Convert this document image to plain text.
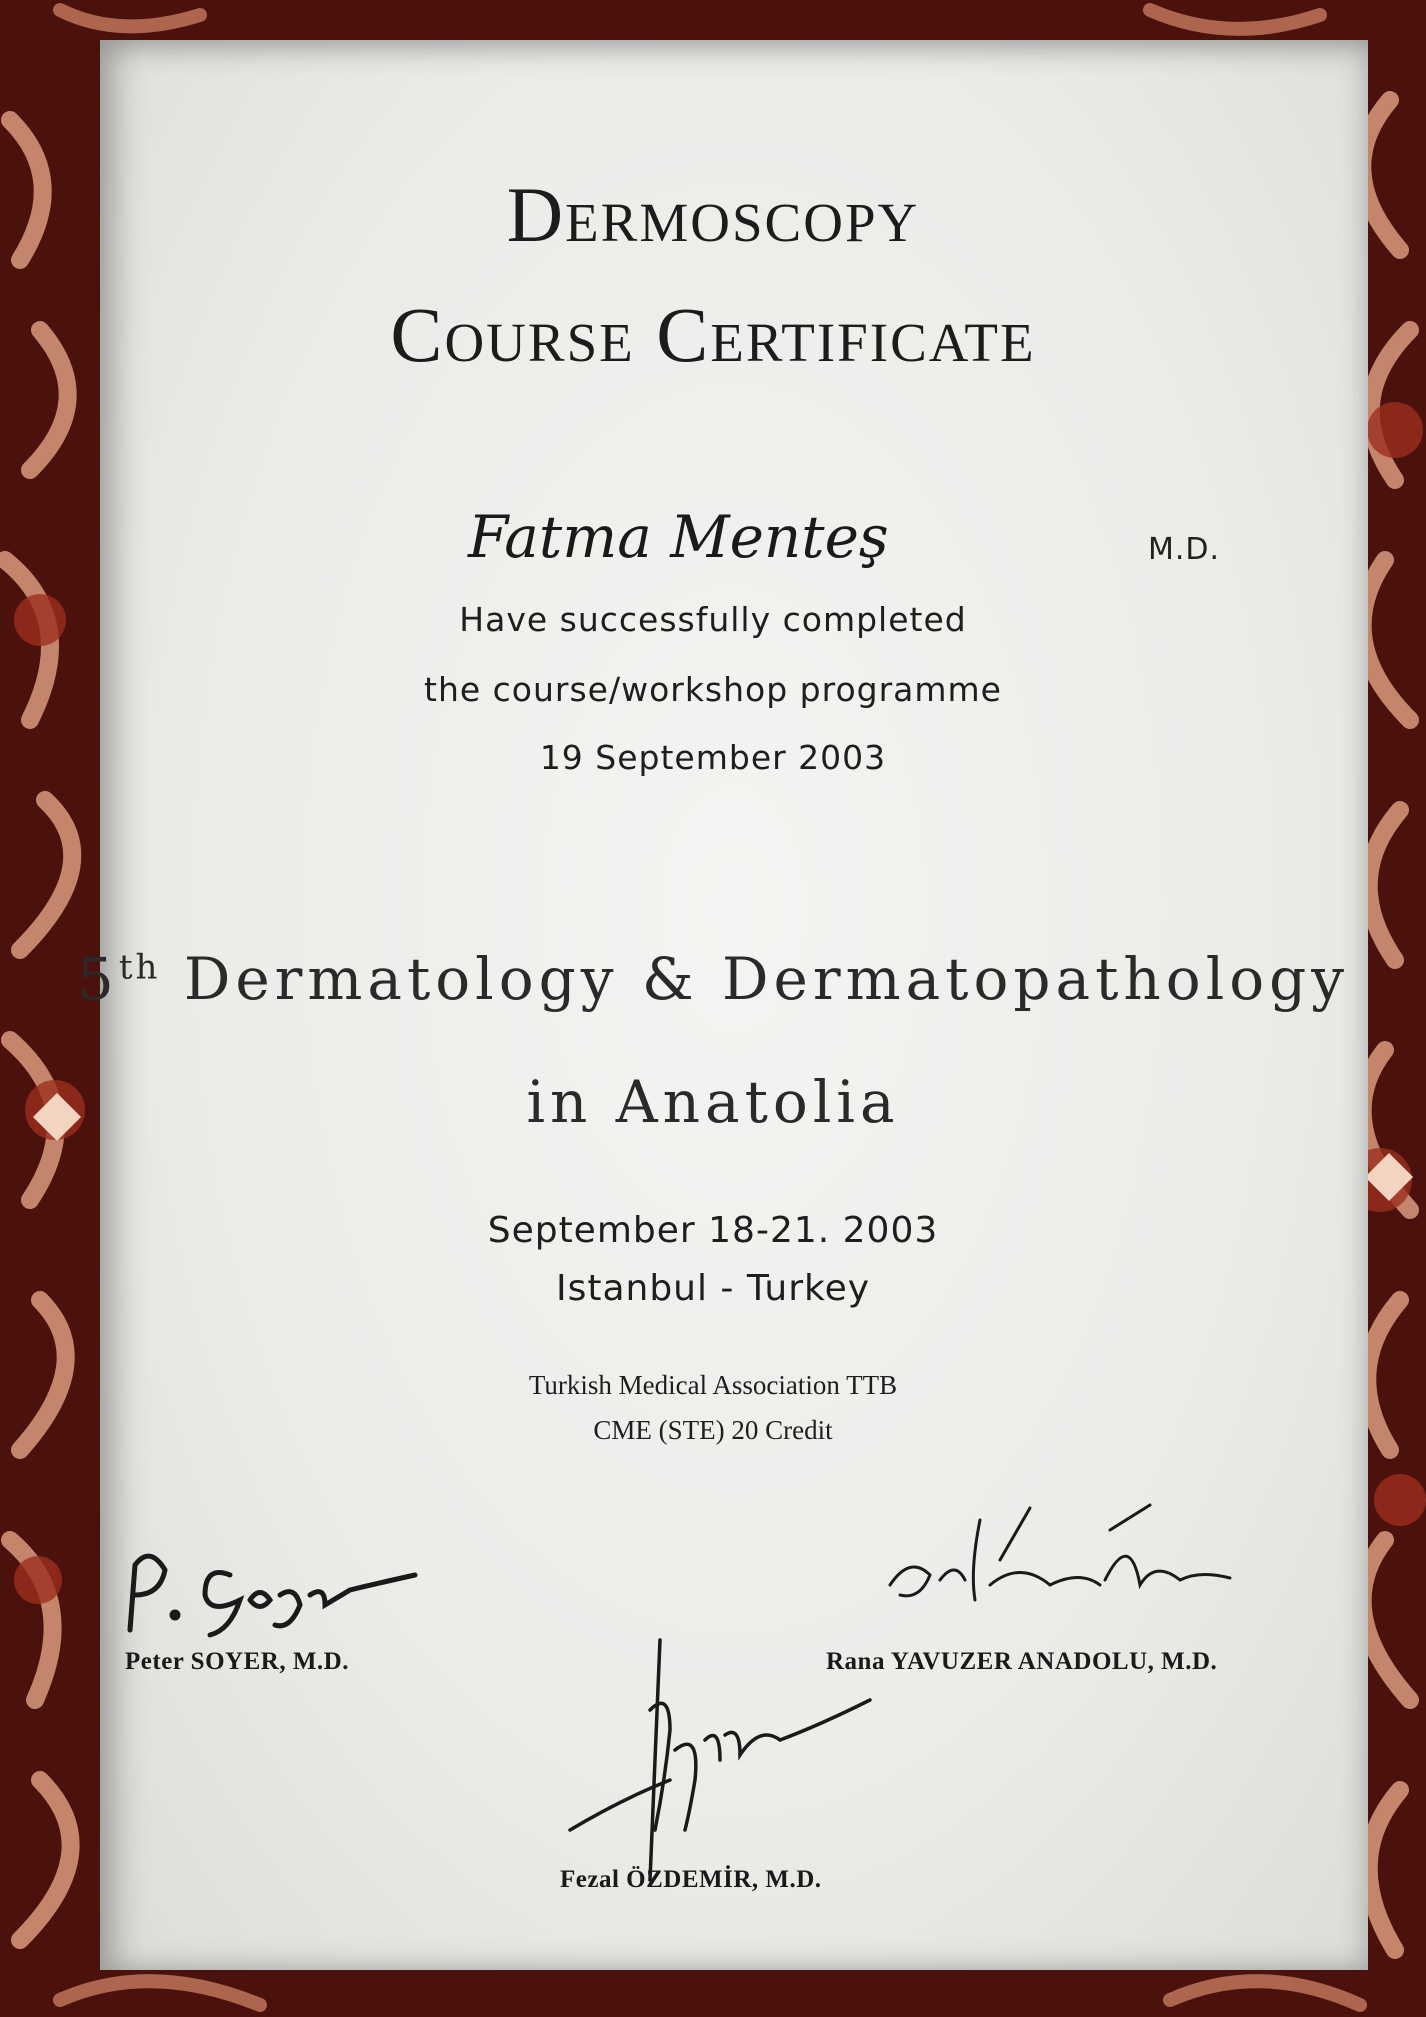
Dermoscopy
Course Certificate
Fatma Menteş	M.D.
Have successfully completed
the course/workshop programme
19 September 2003
5th Dermatology & Dermatopathology
in Anatolia
September 18-21. 2003
Istanbul - Turkey
Turkish Medical Association TTB
CME (STE) 20 Credit
Peter SOYER, M.D.	Rana YAVUZER ANADOLU, M.D.
Fezal ÖZDEMİR, M.D.
